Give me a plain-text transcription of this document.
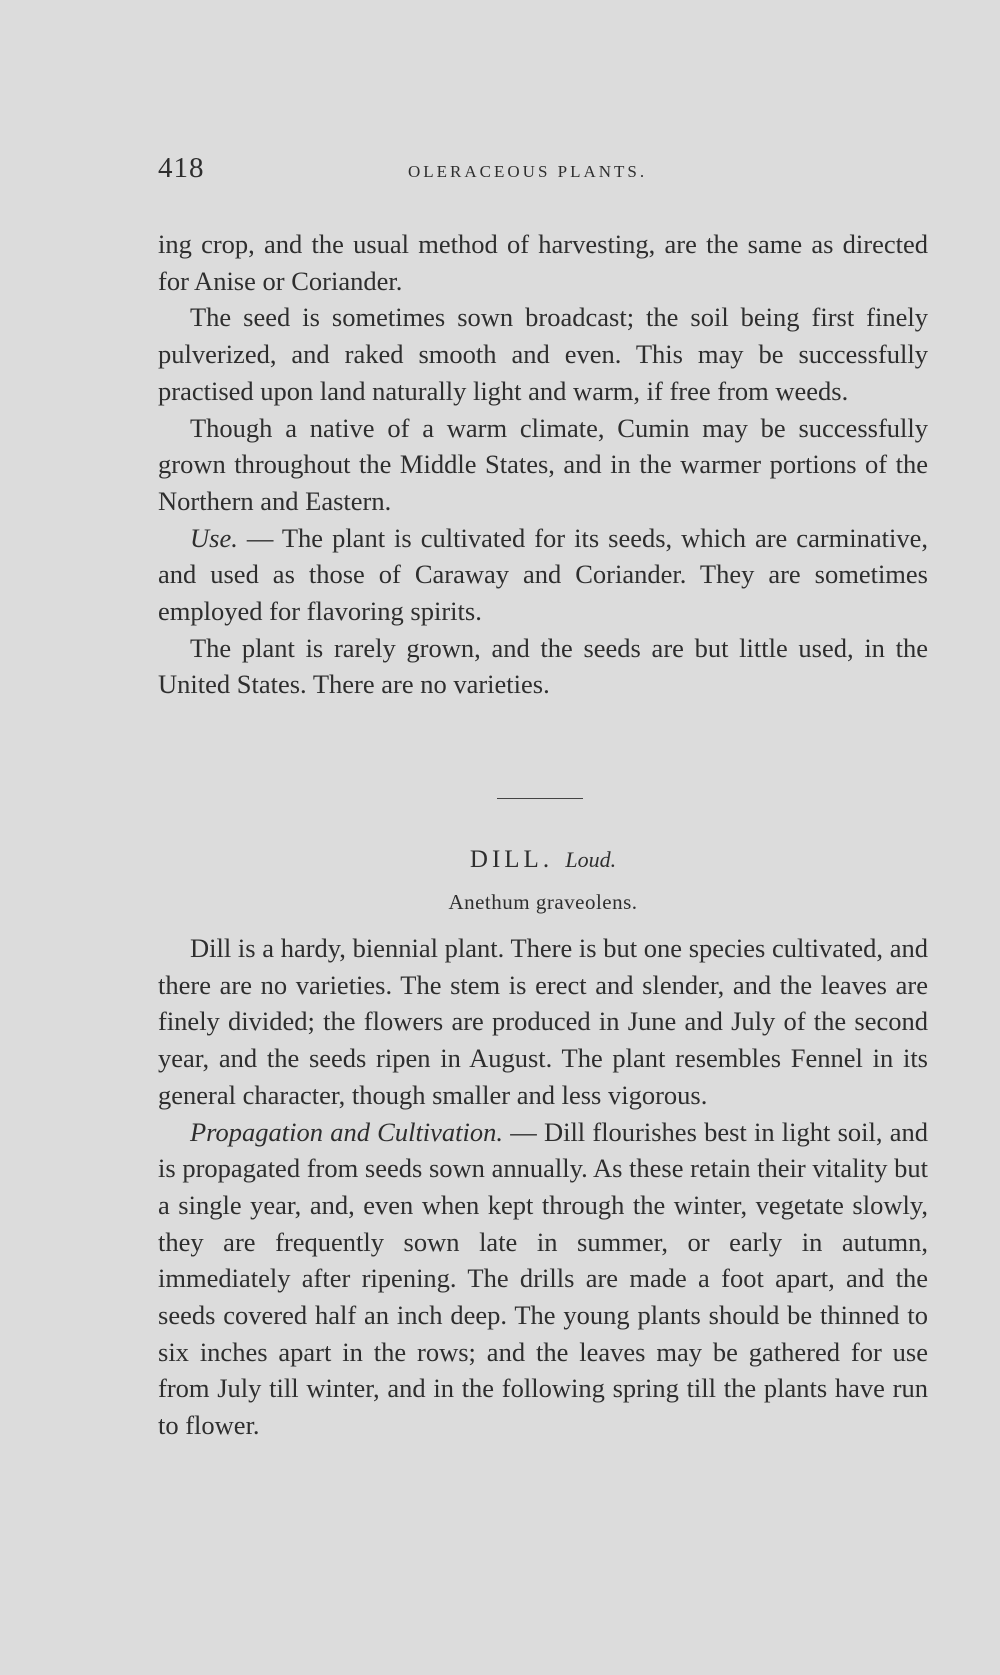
418	OLERACEOUS PLANTS.

ing crop, and the usual method of harvesting, are the same as directed for Anise or Coriander.

The seed is sometimes sown broadcast; the soil being first finely pulverized, and raked smooth and even. This may be successfully practised upon land naturally light and warm, if free from weeds.

Though a native of a warm climate, Cumin may be successfully grown throughout the Middle States, and in the warmer portions of the Northern and Eastern.

Use. — The plant is cultivated for its seeds, which are carminative, and used as those of Caraway and Coriander. They are sometimes employed for flavoring spirits.

The plant is rarely grown, and the seeds are but little used, in the United States. There are no varieties.

DILL. Loud.
Anethum graveolens.

Dill is a hardy, biennial plant. There is but one species cultivated, and there are no varieties. The stem is erect and slender, and the leaves are finely divided; the flowers are produced in June and July of the second year, and the seeds ripen in August. The plant resembles Fennel in its general character, though smaller and less vigorous.

Propagation and Cultivation. — Dill flourishes best in light soil, and is propagated from seeds sown annually. As these retain their vitality but a single year, and, even when kept through the winter, vegetate slowly, they are frequently sown late in summer, or early in autumn, immediately after ripening. The drills are made a foot apart, and the seeds covered half an inch deep. The young plants should be thinned to six inches apart in the rows; and the leaves may be gathered for use from July till winter, and in the following spring till the plants have run to flower.
